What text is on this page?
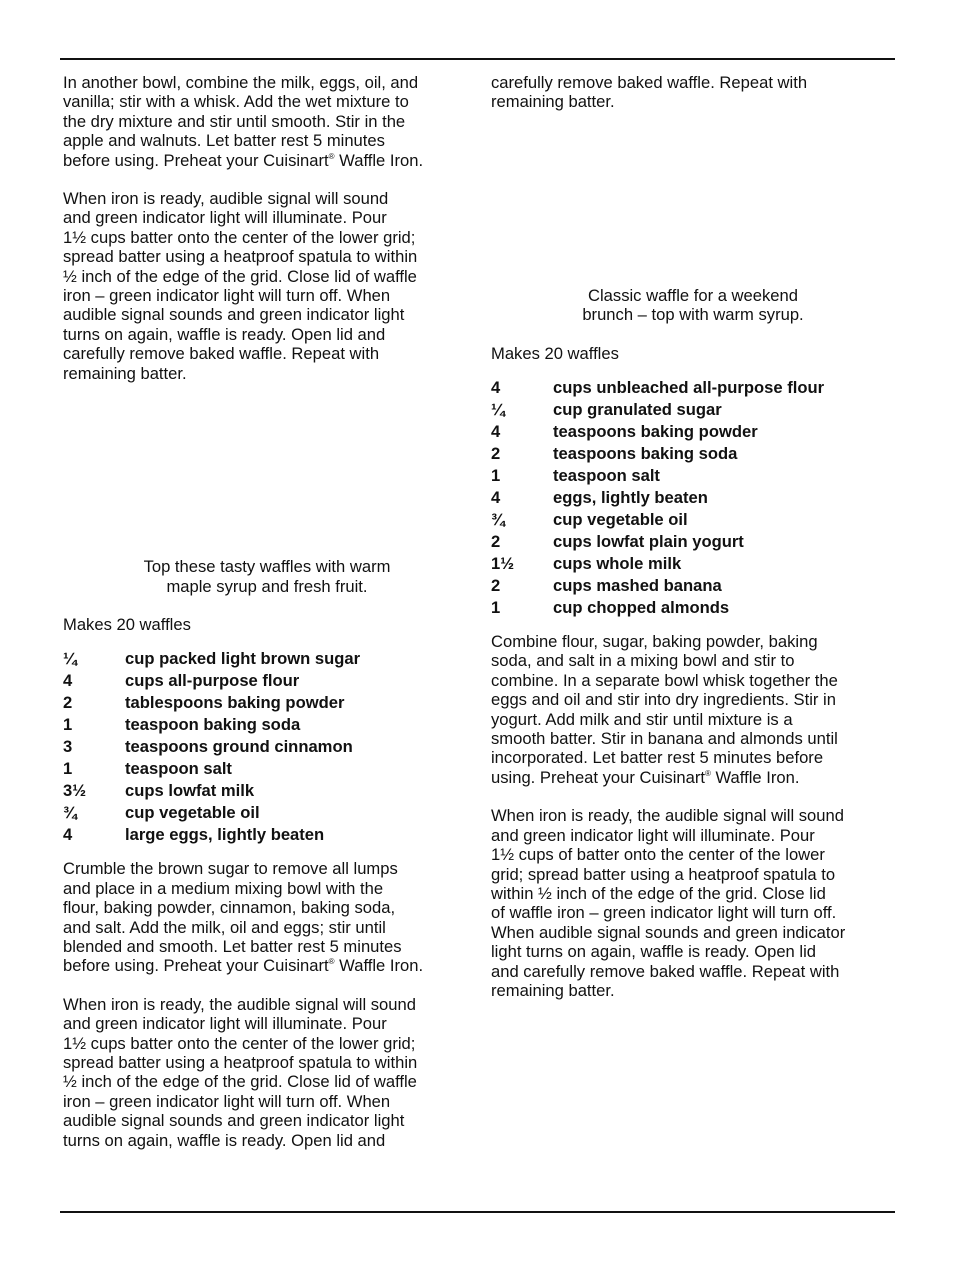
In another bowl, combine the milk, eggs, oil, and
vanilla; stir with a whisk. Add the wet mixture to
the dry mixture and stir until smooth. Stir in the
apple and walnuts. Let batter rest 5 minutes
before using. Preheat your Cuisinart® Waffle Iron.

When iron is ready, audible signal will sound
and green indicator light will illuminate. Pour
1½ cups batter onto the center of the lower grid;
spread batter using a heatproof spatula to within
½ inch of the edge of the grid. Close lid of waffle
iron – green indicator light will turn off. When
audible signal sounds and green indicator light
turns on again, waffle is ready. Open lid and
carefully remove baked waffle. Repeat with
remaining batter.

Top these tasty waffles with warm
maple syrup and fresh fruit.

Makes 20 waffles

¼	cup packed light brown sugar
4	cups all-purpose flour
2	tablespoons baking powder
1	teaspoon baking soda
3	teaspoons ground cinnamon
1	teaspoon salt
3½	cups lowfat milk
¾	cup vegetable oil
4	large eggs, lightly beaten

Crumble the brown sugar to remove all lumps
and place in a medium mixing bowl with the
flour, baking powder, cinnamon, baking soda,
and salt. Add the milk, oil and eggs; stir until
blended and smooth. Let batter rest 5 minutes
before using. Preheat your Cuisinart® Waffle Iron.

When iron is ready, the audible signal will sound
and green indicator light will illuminate. Pour
1½ cups batter onto the center of the lower grid;
spread batter using a heatproof spatula to within
½ inch of the edge of the grid. Close lid of waffle
iron – green indicator light will turn off. When
audible signal sounds and green indicator light
turns on again, waffle is ready. Open lid and

carefully remove baked waffle. Repeat with
remaining batter.

Classic waffle for a weekend
brunch – top with warm syrup.

Makes 20 waffles

4	cups unbleached all-purpose flour
¼	cup granulated sugar
4	teaspoons baking powder
2	teaspoons baking soda
1	teaspoon salt
4	eggs, lightly beaten
¾	cup vegetable oil
2	cups lowfat plain yogurt
1½	cups whole milk
2	cups mashed banana
1	cup chopped almonds

Combine flour, sugar, baking powder, baking
soda, and salt in a mixing bowl and stir to
combine. In a separate bowl whisk together the
eggs and oil and stir into dry ingredients. Stir in
yogurt. Add milk and stir until mixture is a
smooth batter. Stir in banana and almonds until
incorporated. Let batter rest 5 minutes before
using. Preheat your Cuisinart® Waffle Iron.

When iron is ready, the audible signal will sound
and green indicator light will illuminate. Pour
1½ cups of batter onto the center of the lower
grid; spread batter using a heatproof spatula to
within ½ inch of the edge of the grid. Close lid
of waffle iron – green indicator light will turn off.
When audible signal sounds and green indicator
light turns on again, waffle is ready. Open lid
and carefully remove baked waffle. Repeat with
remaining batter.
